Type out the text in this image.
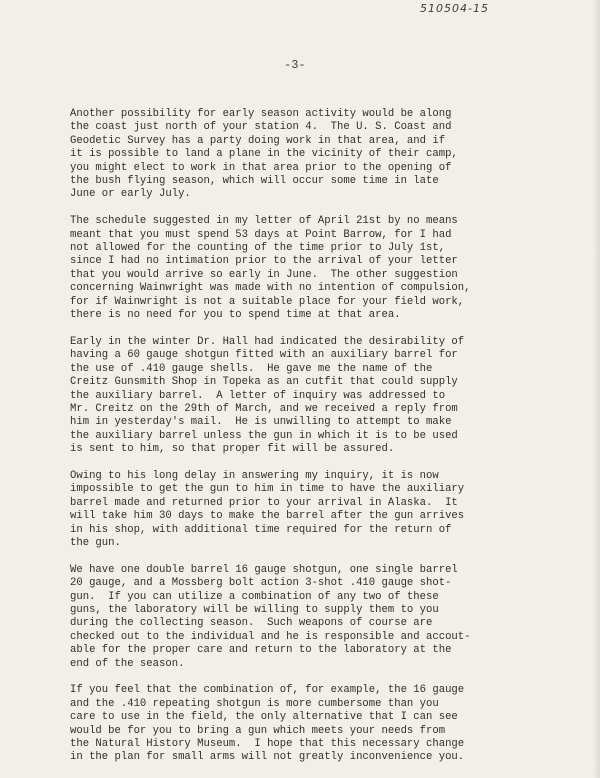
510504-15
-3-
Another possibility for early season activity would be along
the coast just north of your station 4.  The U. S. Coast and
Geodetic Survey has a party doing work in that area, and if
it is possible to land a plane in the vicinity of their camp,
you might elect to work in that area prior to the opening of
the bush flying season, which will occur some time in late
June or early July.
The schedule suggested in my letter of April 21st by no means
meant that you must spend 53 days at Point Barrow, for I had
not allowed for the counting of the time prior to July 1st,
since I had no intimation prior to the arrival of your letter
that you would arrive so early in June.  The other suggestion
concerning Wainwright was made with no intention of compulsion,
for if Wainwright is not a suitable place for your field work,
there is no need for you to spend time at that area.
Early in the winter Dr. Hall had indicated the desirability of
having a 60 gauge shotgun fitted with an auxiliary barrel for
the use of .410 gauge shells.  He gave me the name of the
Creitz Gunsmith Shop in Topeka as an cutfit that could supply
the auxiliary barrel.  A letter of inquiry was addressed to
Mr. Creitz on the 29th of March, and we received a reply from
him in yesterday's mail.  He is unwilling to attempt to make
the auxiliary barrel unless the gun in which it is to be used
is sent to him, so that proper fit will be assured.
Owing to his long delay in answering my inquiry, it is now
impossible to get the gun to him in time to have the auxiliary
barrel made and returned prior to your arrival in Alaska.  It
will take him 30 days to make the barrel after the gun arrives
in his shop, with additional time required for the return of
the gun.
We have one double barrel 16 gauge shotgun, one single barrel
20 gauge, and a Mossberg bolt action 3-shot .410 gauge shot-
gun.  If you can utilize a combination of any two of these
guns, the laboratory will be willing to supply them to you
during the collecting season.  Such weapons of course are
checked out to the individual and he is responsible and accout-
able for the proper care and return to the laboratory at the
end of the season.
If you feel that the combination of, for example, the 16 gauge
and the .410 repeating shotgun is more cumbersome than you
care to use in the field, the only alternative that I can see
would be for you to bring a gun which meets your needs from
the Natural History Museum.  I hope that this necessary change
in the plan for small arms will not greatly inconvenience you.
